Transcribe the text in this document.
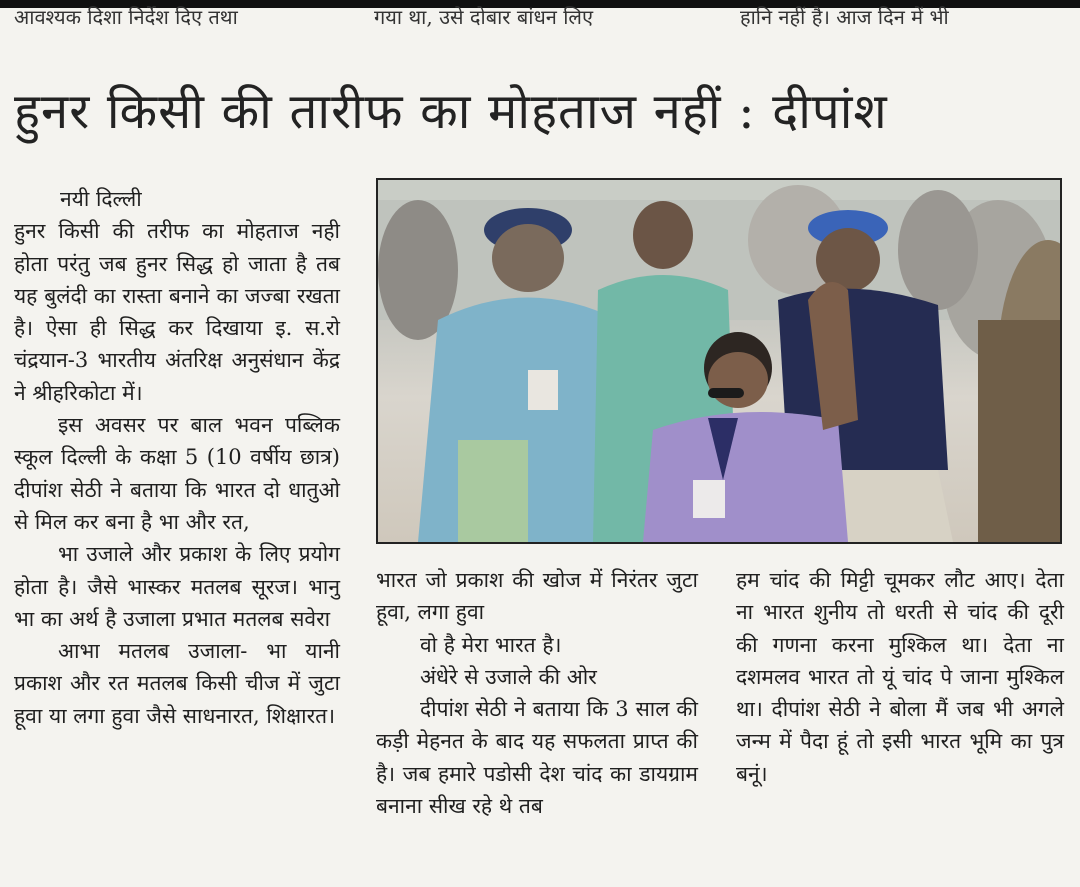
आवश्यक दिशा निर्देश दिए तथा	गया था, उसे दोबार बांधन लिए	हानि नहीं है। आज दिन में भी
हुनर किसी की तारीफ का मोहताज नहीं : दीपांश

नयी दिल्ली

हुनर किसी की तरीफ का मोहताज नही होता परंतु जब हुनर सिद्ध हो जाता है तब यह बुलंदी का रास्ता बनाने का जज्बा रखता है। ऐसा ही सिद्ध कर दिखाया इ. स.रो चंद्रयान-3 भारतीय अंतरिक्ष अनुसंधान केंद्र ने श्रीहरिकोटा में।

इस अवसर पर बाल भवन पब्लिक स्कूल दिल्ली के कक्षा 5 (10 वर्षीय छात्र) दीपांश सेठी ने बताया कि भारत दो धातुओ से मिल कर बना है भा और रत,

भा उजाले और प्रकाश के लिए प्रयोग होता है। जैसे भास्कर मतलब सूरज। भानु भा का अर्थ है उजाला प्रभात मतलब सवेरा

आभा मतलब उजाला- भा यानी प्रकाश और रत मतलब किसी चीज में जुटा हूवा या लगा हुवा जैसे साधनारत, शिक्षारत।

भारत जो प्रकाश की खोज में निरंतर जुटा हूवा, लगा हुवा

वो है मेरा भारत है।

अंधेरे से उजाले की ओर

दीपांश सेठी ने बताया कि 3 साल की कड़ी मेहनत के बाद यह सफलता प्राप्त की है। जब हमारे पडोसी देश चांद का डायग्राम बनाना सीख रहे थे तब

हम चांद की मिट्टी चूमकर लौट आए। देता ना भारत शुनीय तो धरती से चांद की दूरी की गणना करना मुश्किल था। देता ना दशमलव भारत तो यूं चांद पे जाना मुश्किल था। दीपांश सेठी ने बोला मैं जब भी अगले जन्म में पैदा हूं तो इसी भारत भूमि का पुत्र बनूं।
